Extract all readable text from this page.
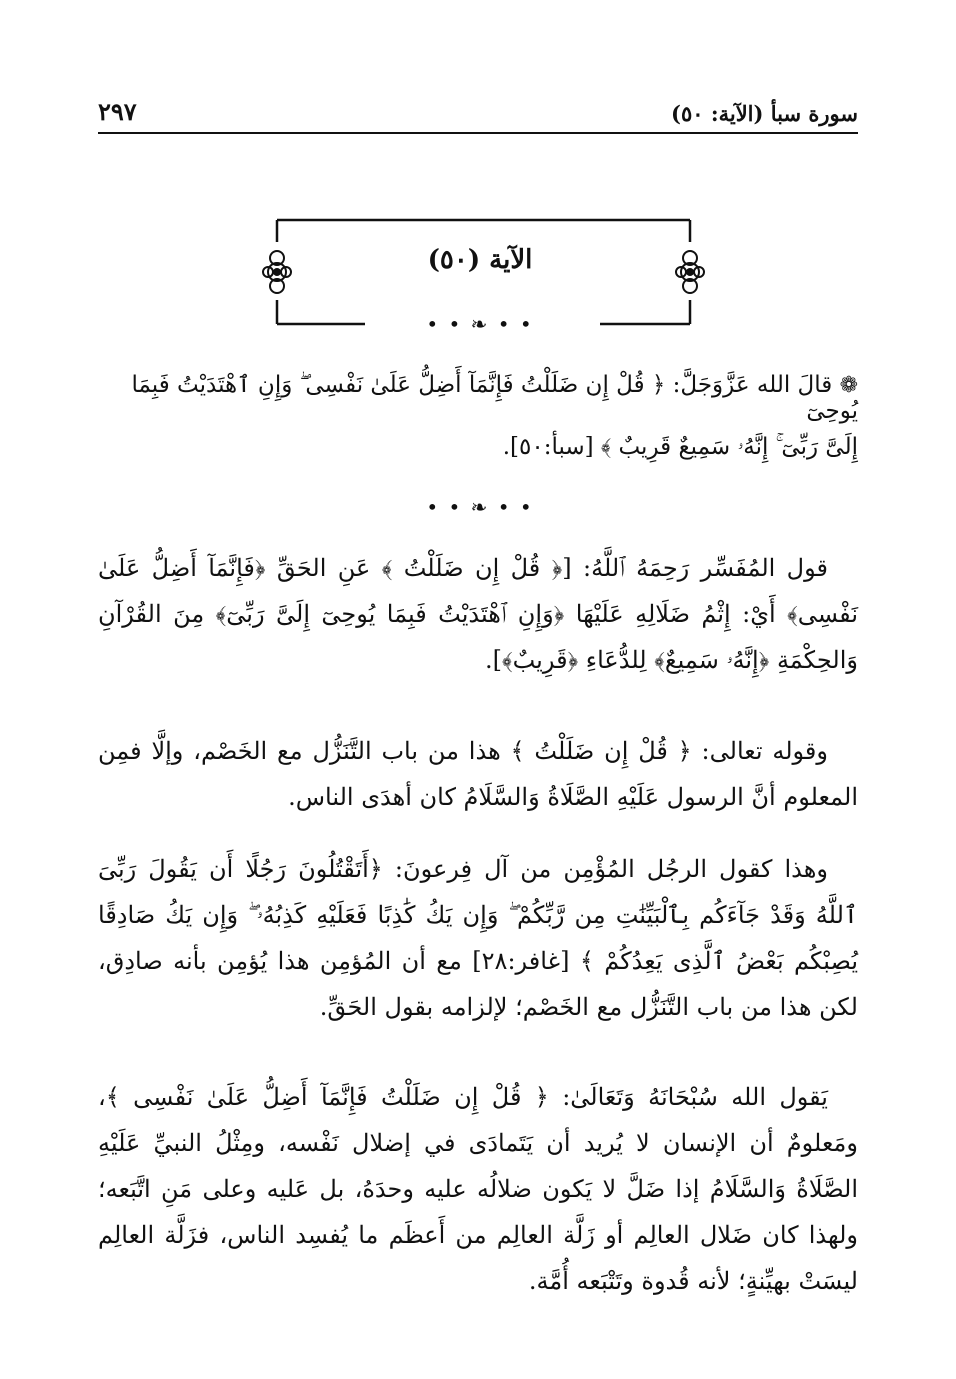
سورة سبأ (الآية: ٥٠)
٢٩٧
الآية (٥٠)
• • ❧ • •
❁ قالَ الله عَزَّوَجَلَّ: ﴿ قُلْ إِن ضَلَلْتُ فَإِنَّمَآ أَضِلُّ عَلَىٰ نَفْسِى ۖ وَإِنِ ٱهْتَدَيْتُ فَبِمَا يُوحِىٓ
إِلَىَّ رَبِّىٓ ۚ إِنَّهُۥ سَمِيعٌ قَرِيبٌ ﴾ [سبأ:٥٠].
• • ❧ • •

قول المُفَسِّر رَحِمَهُ ٱللَّهُ: [﴿ قُلْ إِن ضَلَلْتُ ﴾ عَنِ الحَقِّ ﴿فَإِنَّمَآ أَضِلُّ عَلَىٰ نَفْسِى﴾ أَيْ: إِثْمُ ضَلَالِهِ عَلَيْهَا ﴿وَإِنِ ٱهْتَدَيْتُ فَبِمَا يُوحِىٓ إِلَىَّ رَبِّىٓ﴾ مِنَ القُرْآنِ وَالحِكْمَةِ ﴿إِنَّهُۥ سَمِيعٌ﴾ لِلدُّعَاءِ ﴿قَرِيبٌ﴾].

وقوله تعالى: ﴿ قُلْ إِن ضَلَلْتُ ﴾ هذا من باب التَّنَزُّل مع الخَصْم، وإلَّا فمِن المعلوم أنَّ الرسول عَلَيْهِ الصَّلَاةُ وَالسَّلَامُ كان أهدَى الناس.

وهذا كقول الرجُل المُؤْمِن من آل فِرعونَ: ﴿أَتَقْتُلُونَ رَجُلًا أَن يَقُولَ رَبِّىَ ٱللَّهُ وَقَدْ جَآءَكُم بِٱلْبَيِّنَٰتِ مِن رَّبِّكُمْ ۖ وَإِن يَكُ كَٰذِبًا فَعَلَيْهِ كَذِبُهُۥ ۖ وَإِن يَكُ صَادِقًا يُصِبْكُم بَعْضُ ٱلَّذِى يَعِدُكُمْ ﴾ [غافر:٢٨] مع أن المُؤمِن هذا يُؤمِن بأنه صادِق، لكن هذا من باب التَّنَزُّل مع الخَصْم؛ لإلزامه بقول الحَقِّ.

يَقول الله سُبْحَانَهُ وَتَعَالَىٰ: ﴿ قُلْ إِن ضَلَلْتُ فَإِنَّمَآ أَضِلُّ عَلَىٰ نَفْسِى ﴾، ومَعلومٌ أن الإنسان لا يُريد أن يَتَمادَى في إضلال نَفْسه، ومِثْلُ النبيِّ عَلَيْهِ الصَّلَاةُ وَالسَّلَامُ إذا ضَلَّ لا يَكون ضلالُه عليه وحدَهُ، بل عَليه وعلى مَنِ اتَّبَعه؛ ولهذا كان ضَلال العالِم أو زَلَّة العالِم من أَعظَم ما يُفسِد الناس، فزَلَّة العالِم ليسَتْ بهيِّنةٍ؛ لأنه قُدوة وتَتْبَعه أُمَّة.
